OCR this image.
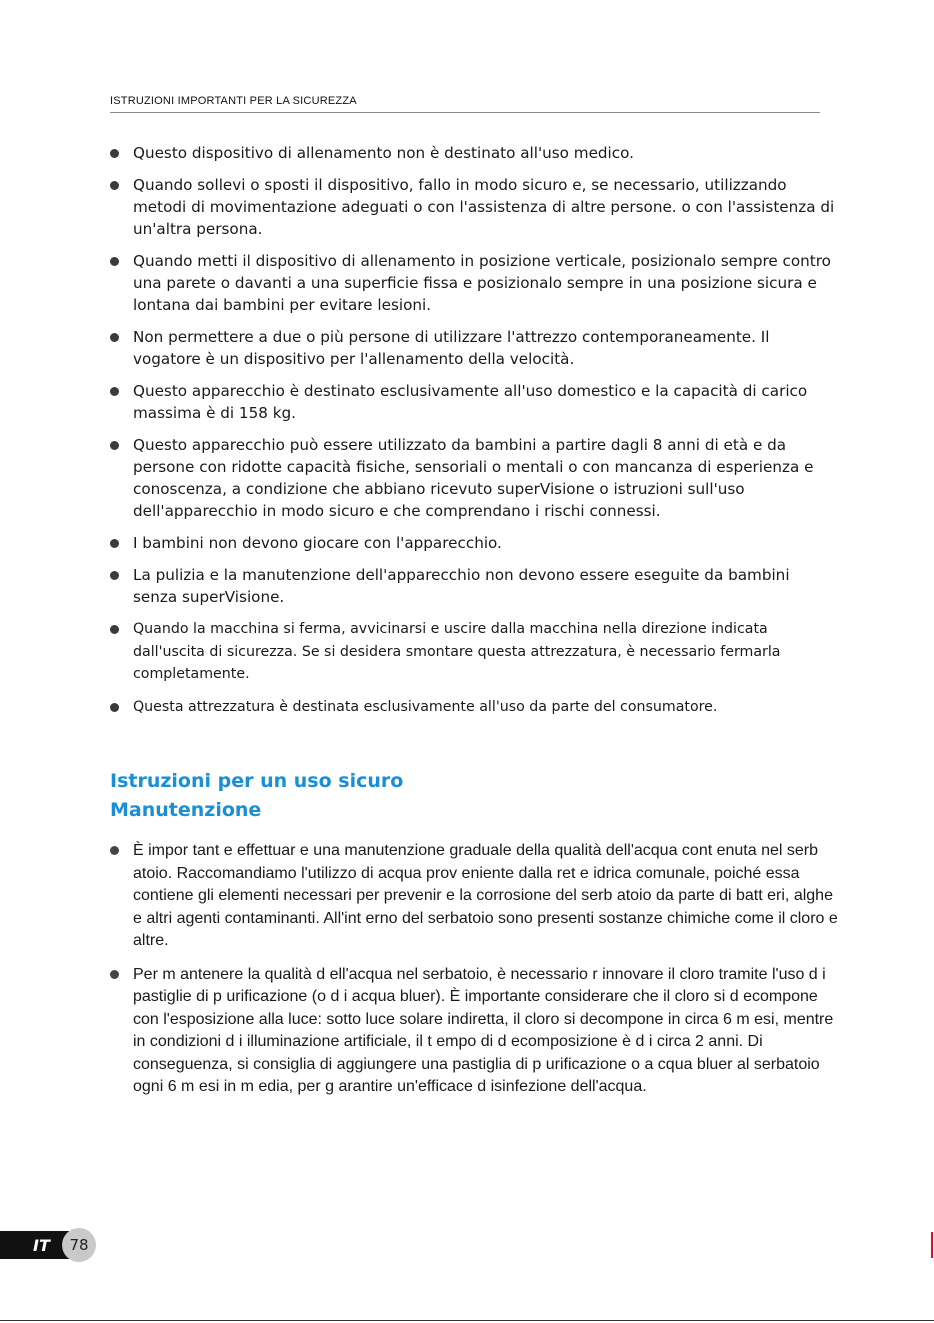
ISTRUZIONI IMPORTANTI PER LA SICUREZZA
Questo dispositivo di allenamento non è destinato all'uso medico.
Quando sollevi o sposti il dispositivo, fallo in modo sicuro e, se necessario, utilizzando metodi di movimentazione adeguati o con l'assistenza di altre persone. o con l'assistenza di un'altra persona.
Quando metti il dispositivo di allenamento in posizione verticale, posizionalo sempre contro una parete o davanti a una superficie fissa e posizionalo sempre in una posizione sicura e lontana dai bambini per evitare lesioni.
Non permettere a due o più persone di utilizzare l'attrezzo contemporaneamente. Il vogatore è un dispositivo per l'allenamento della velocità.
Questo apparecchio è destinato esclusivamente all'uso domestico e la capacità di carico massima è di 158 kg.
Questo apparecchio può essere utilizzato da bambini a partire dagli 8 anni di età e da persone con ridotte capacità fisiche, sensoriali o mentali o con mancanza di esperienza e conoscenza, a condizione che abbiano ricevuto superVisione o istruzioni sull'uso dell'apparecchio in modo sicuro e che comprendano i rischi connessi.
I bambini non devono giocare con l'apparecchio.
La pulizia e la manutenzione dell'apparecchio non devono essere eseguite da bambini senza superVisione.
Quando la macchina si ferma, avvicinarsi e uscire dalla macchina nella direzione indicata dall'uscita di sicurezza. Se si desidera smontare questa attrezzatura, è necessario fermarla completamente.
Questa attrezzatura è destinata esclusivamente all'uso da parte del consumatore.
Istruzioni per un uso sicuro
Manutenzione
È impor tant e effettuar e una manutenzione graduale della qualità dell'acqua cont enuta nel serb atoio. Raccomandiamo l'utilizzo di acqua prov eniente dalla ret e idrica comunale, poiché essa contiene gli elementi necessari per prevenir e la corrosione del serb atoio da parte di batt eri, alghe e altri agenti contaminanti. All'int erno del serbatoio sono presenti sostanze chimiche come il cloro e altre.
Per m antenere la qualità d ell'acqua nel serbatoio, è necessario r innovare il cloro tramite l'uso d i pastiglie di p urificazione (o d i acqua bluer). È importante considerare che il cloro si d ecompone con l'esposizione alla luce: sotto luce solare indiretta, il cloro si decompone in circa 6 m esi, mentre in condizioni d i illuminazione artificiale, il t empo di d ecomposizione è d i circa 2 anni. Di conseguenza, si consiglia di aggiungere una pastiglia di p urificazione o a cqua bluer al serbatoio ogni 6 m esi in m edia, per g arantire un'efficace d isinfezione dell'acqua.
IT	78
